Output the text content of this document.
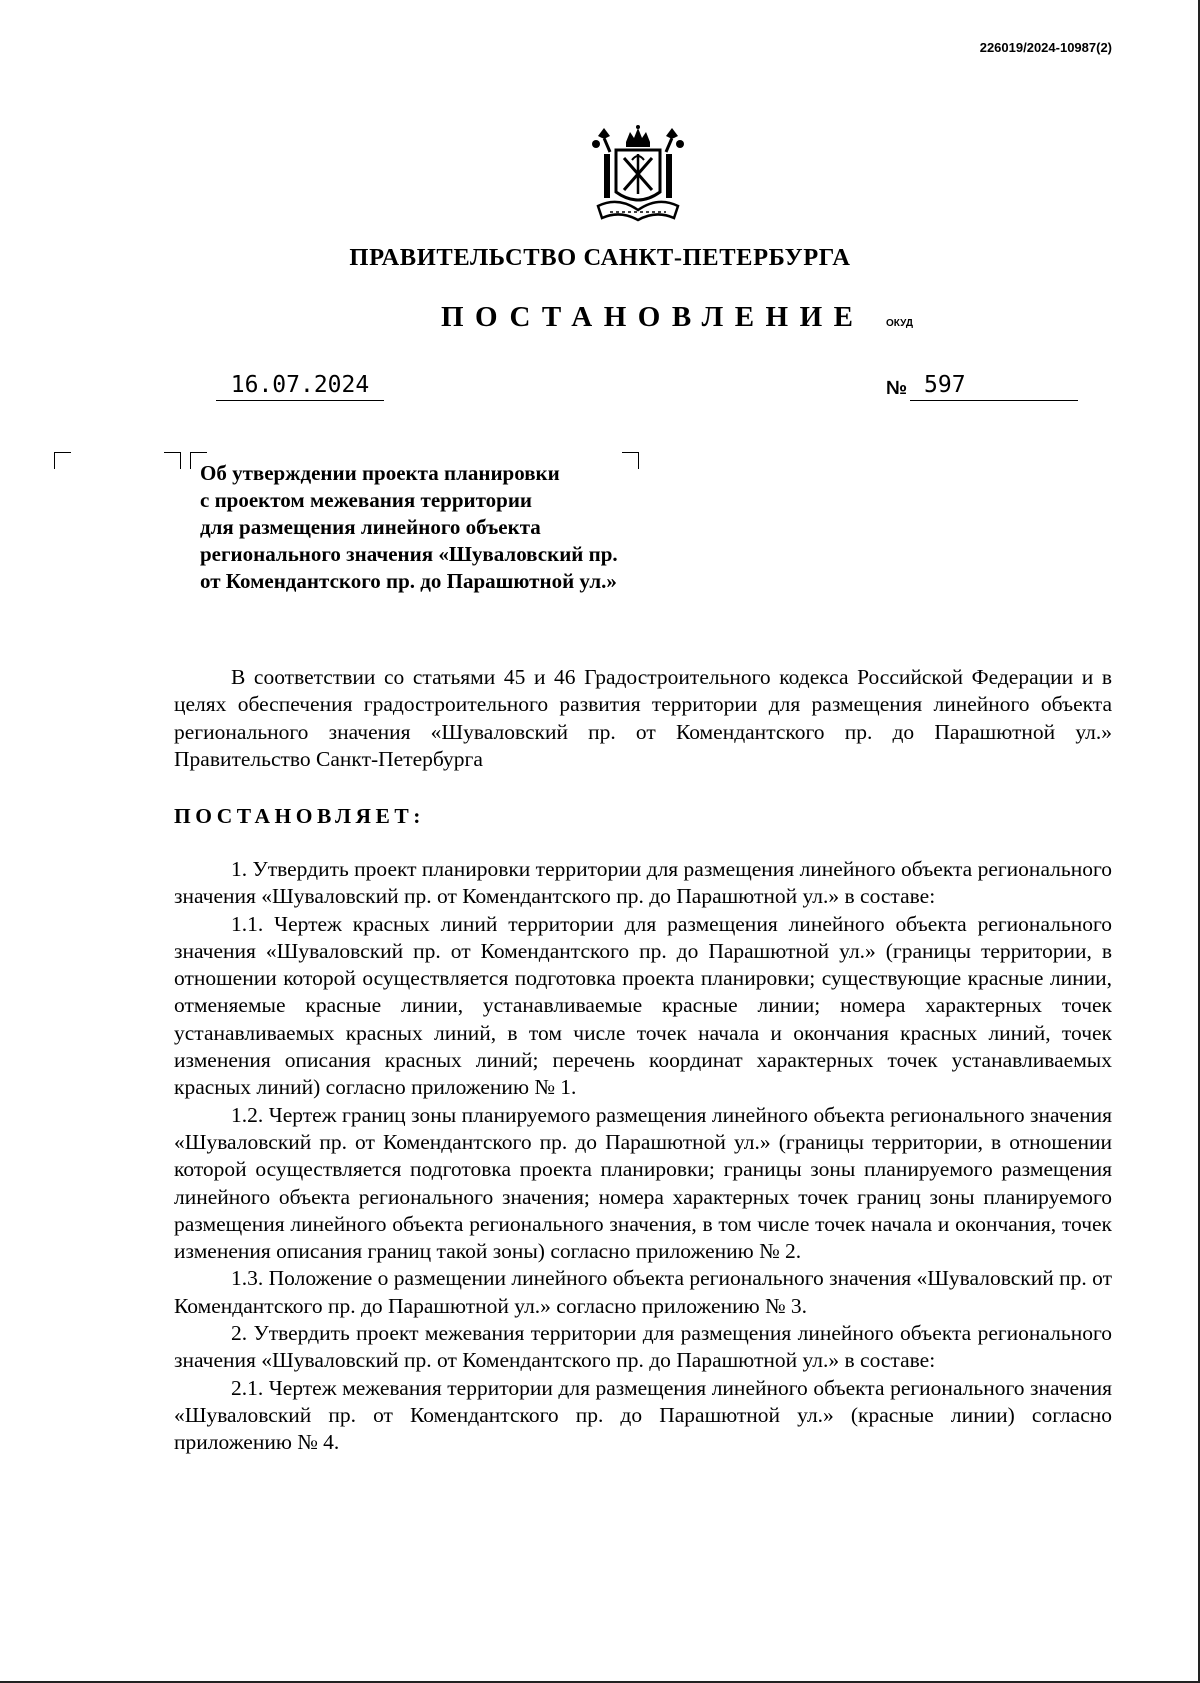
226019/2024-10987(2)
ПРАВИТЕЛЬСТВО САНКТ-ПЕТЕРБУРГА
ПОСТАНОВЛЕНИЕ ОКУД
16.07.2024	№ 597
Об утверждении проекта планировки
с проектом межевания территории
для размещения линейного объекта
регионального значения «Шуваловский пр.
от Комендантского пр. до Парашютной ул.»

В соответствии со статьями 45 и 46 Градостроительного кодекса Российской Федерации и в целях обеспечения градостроительного развития территории для размещения линейного объекта регионального значения «Шуваловский пр. от Комендантского пр. до Парашютной ул.» Правительство Санкт-Петербурга

ПОСТАНОВЛЯЕТ:

1. Утвердить проект планировки территории для размещения линейного объекта регионального значения «Шуваловский пр. от Комендантского пр. до Парашютной ул.» в составе:

1.1. Чертеж красных линий территории для размещения линейного объекта регионального значения «Шуваловский пр. от Комендантского пр. до Парашютной ул.» (границы территории, в отношении которой осуществляется подготовка проекта планировки; существующие красные линии, отменяемые красные линии, устанавливаемые красные линии; номера характерных точек устанавливаемых красных линий, в том числе точек начала и окончания красных линий, точек изменения описания красных линий; перечень координат характерных точек устанавливаемых красных линий) согласно приложению № 1.

1.2. Чертеж границ зоны планируемого размещения линейного объекта регионального значения «Шуваловский пр. от Комендантского пр. до Парашютной ул.» (границы территории, в отношении которой осуществляется подготовка проекта планировки; границы зоны планируемого размещения линейного объекта регионального значения; номера характерных точек границ зоны планируемого размещения линейного объекта регионального значения, в том числе точек начала и окончания, точек изменения описания границ такой зоны) согласно приложению № 2.

1.3. Положение о размещении линейного объекта регионального значения «Шуваловский пр. от Комендантского пр. до Парашютной ул.» согласно приложению № 3.

2. Утвердить проект межевания территории для размещения линейного объекта регионального значения «Шуваловский пр. от Комендантского пр. до Парашютной ул.» в составе:

2.1. Чертеж межевания территории для размещения линейного объекта регионального значения «Шуваловский пр. от Комендантского пр. до Парашютной ул.» (красные линии) согласно приложению № 4.
